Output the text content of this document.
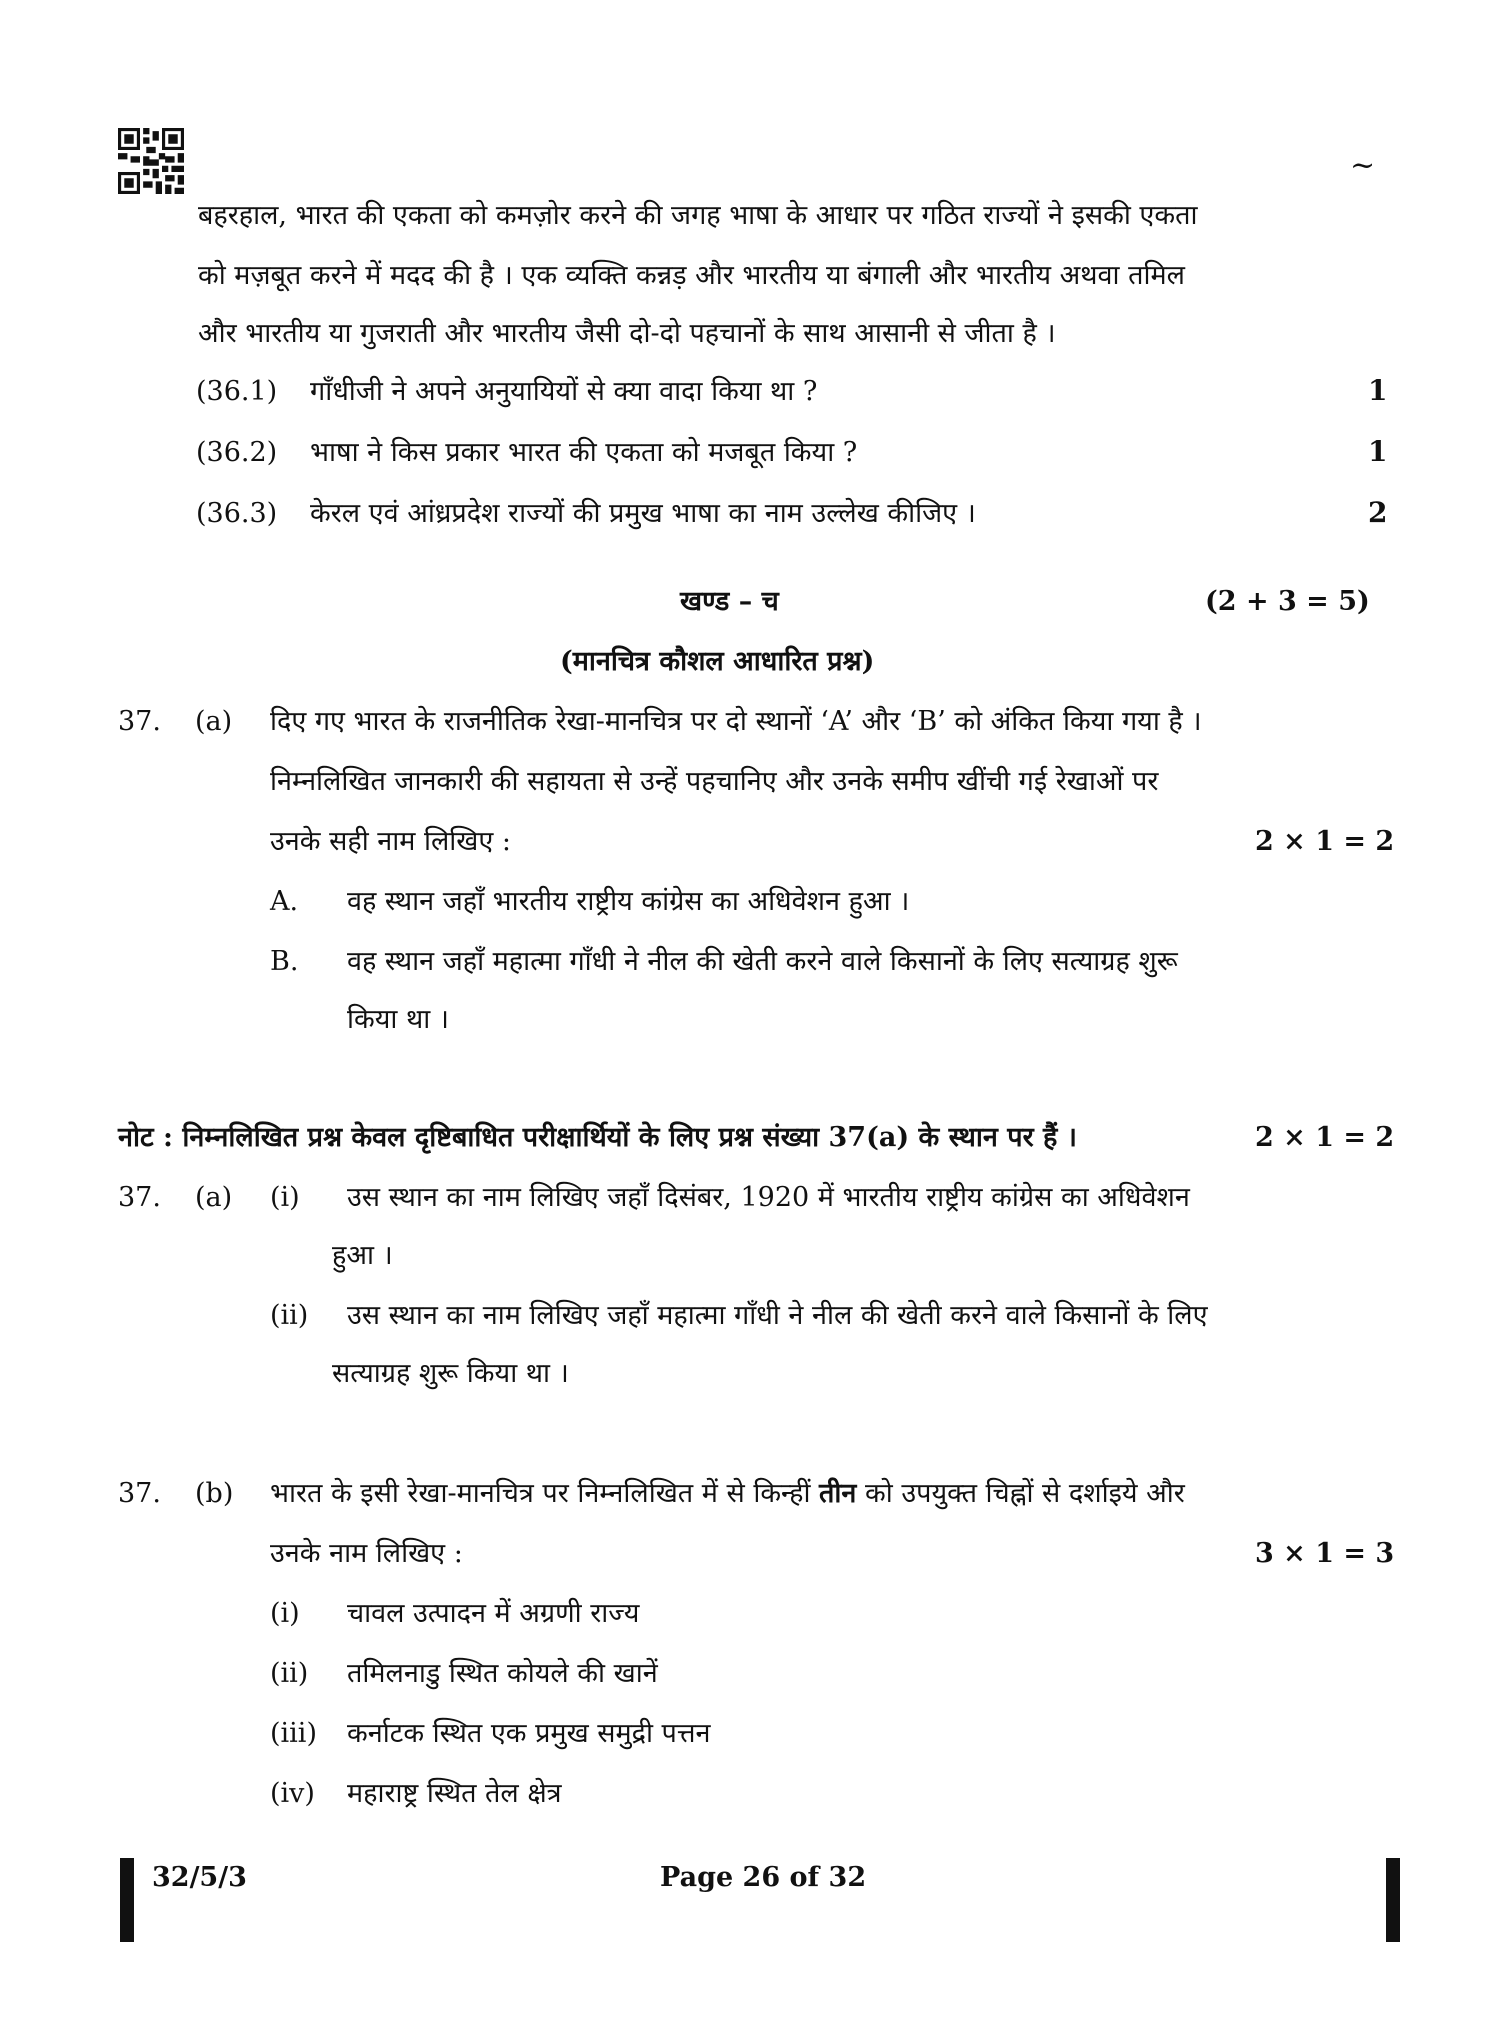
~
बहरहाल, भारत की एकता को कमज़ोर करने की जगह भाषा के आधार पर गठित राज्यों ने इसकी एकता
को मज़बूत करने में मदद की है । एक व्यक्ति कन्नड़ और भारतीय या बंगाली और भारतीय अथवा तमिल
और भारतीय या गुजराती और भारतीय जैसी दो-दो पहचानों के साथ आसानी से जीता है ।
(36.1) गाँधीजी ने अपने अनुयायियों से क्या वादा किया था ?	1
(36.2) भाषा ने किस प्रकार भारत की एकता को मजबूत किया ?	1
(36.3) केरल एवं आंध्रप्रदेश राज्यों की प्रमुख भाषा का नाम उल्लेख कीजिए ।	2
खण्ड – च	(2 + 3 = 5)
(मानचित्र कौशल आधारित प्रश्न)
37. (a) दिए गए भारत के राजनीतिक रेखा-मानचित्र पर दो स्थानों ‘A’ और ‘B’ को अंकित किया गया है ।
निम्नलिखित जानकारी की सहायता से उन्हें पहचानिए और उनके समीप खींची गई रेखाओं पर
उनके सही नाम लिखिए :	2 × 1 = 2
A. वह स्थान जहाँ भारतीय राष्ट्रीय कांग्रेस का अधिवेशन हुआ ।
B. वह स्थान जहाँ महात्मा गाँधी ने नील की खेती करने वाले किसानों के लिए सत्याग्रह शुरू
किया था ।
नोट : निम्नलिखित प्रश्न केवल दृष्टिबाधित परीक्षार्थियों के लिए प्रश्न संख्या 37(a) के स्थान पर हैं ।	2 × 1 = 2
37. (a) (i) उस स्थान का नाम लिखिए जहाँ दिसंबर, 1920 में भारतीय राष्ट्रीय कांग्रेस का अधिवेशन
हुआ ।
(ii) उस स्थान का नाम लिखिए जहाँ महात्मा गाँधी ने नील की खेती करने वाले किसानों के लिए
सत्याग्रह शुरू किया था ।
37. (b) भारत के इसी रेखा-मानचित्र पर निम्नलिखित में से किन्हीं तीन को उपयुक्त चिह्नों से दर्शाइये और
उनके नाम लिखिए :	3 × 1 = 3
(i) चावल उत्पादन में अग्रणी राज्य
(ii) तमिलनाडु स्थित कोयले की खानें
(iii) कर्नाटक स्थित एक प्रमुख समुद्री पत्तन
(iv) महाराष्ट्र स्थित तेल क्षेत्र
32/5/3	Page 26 of 32
